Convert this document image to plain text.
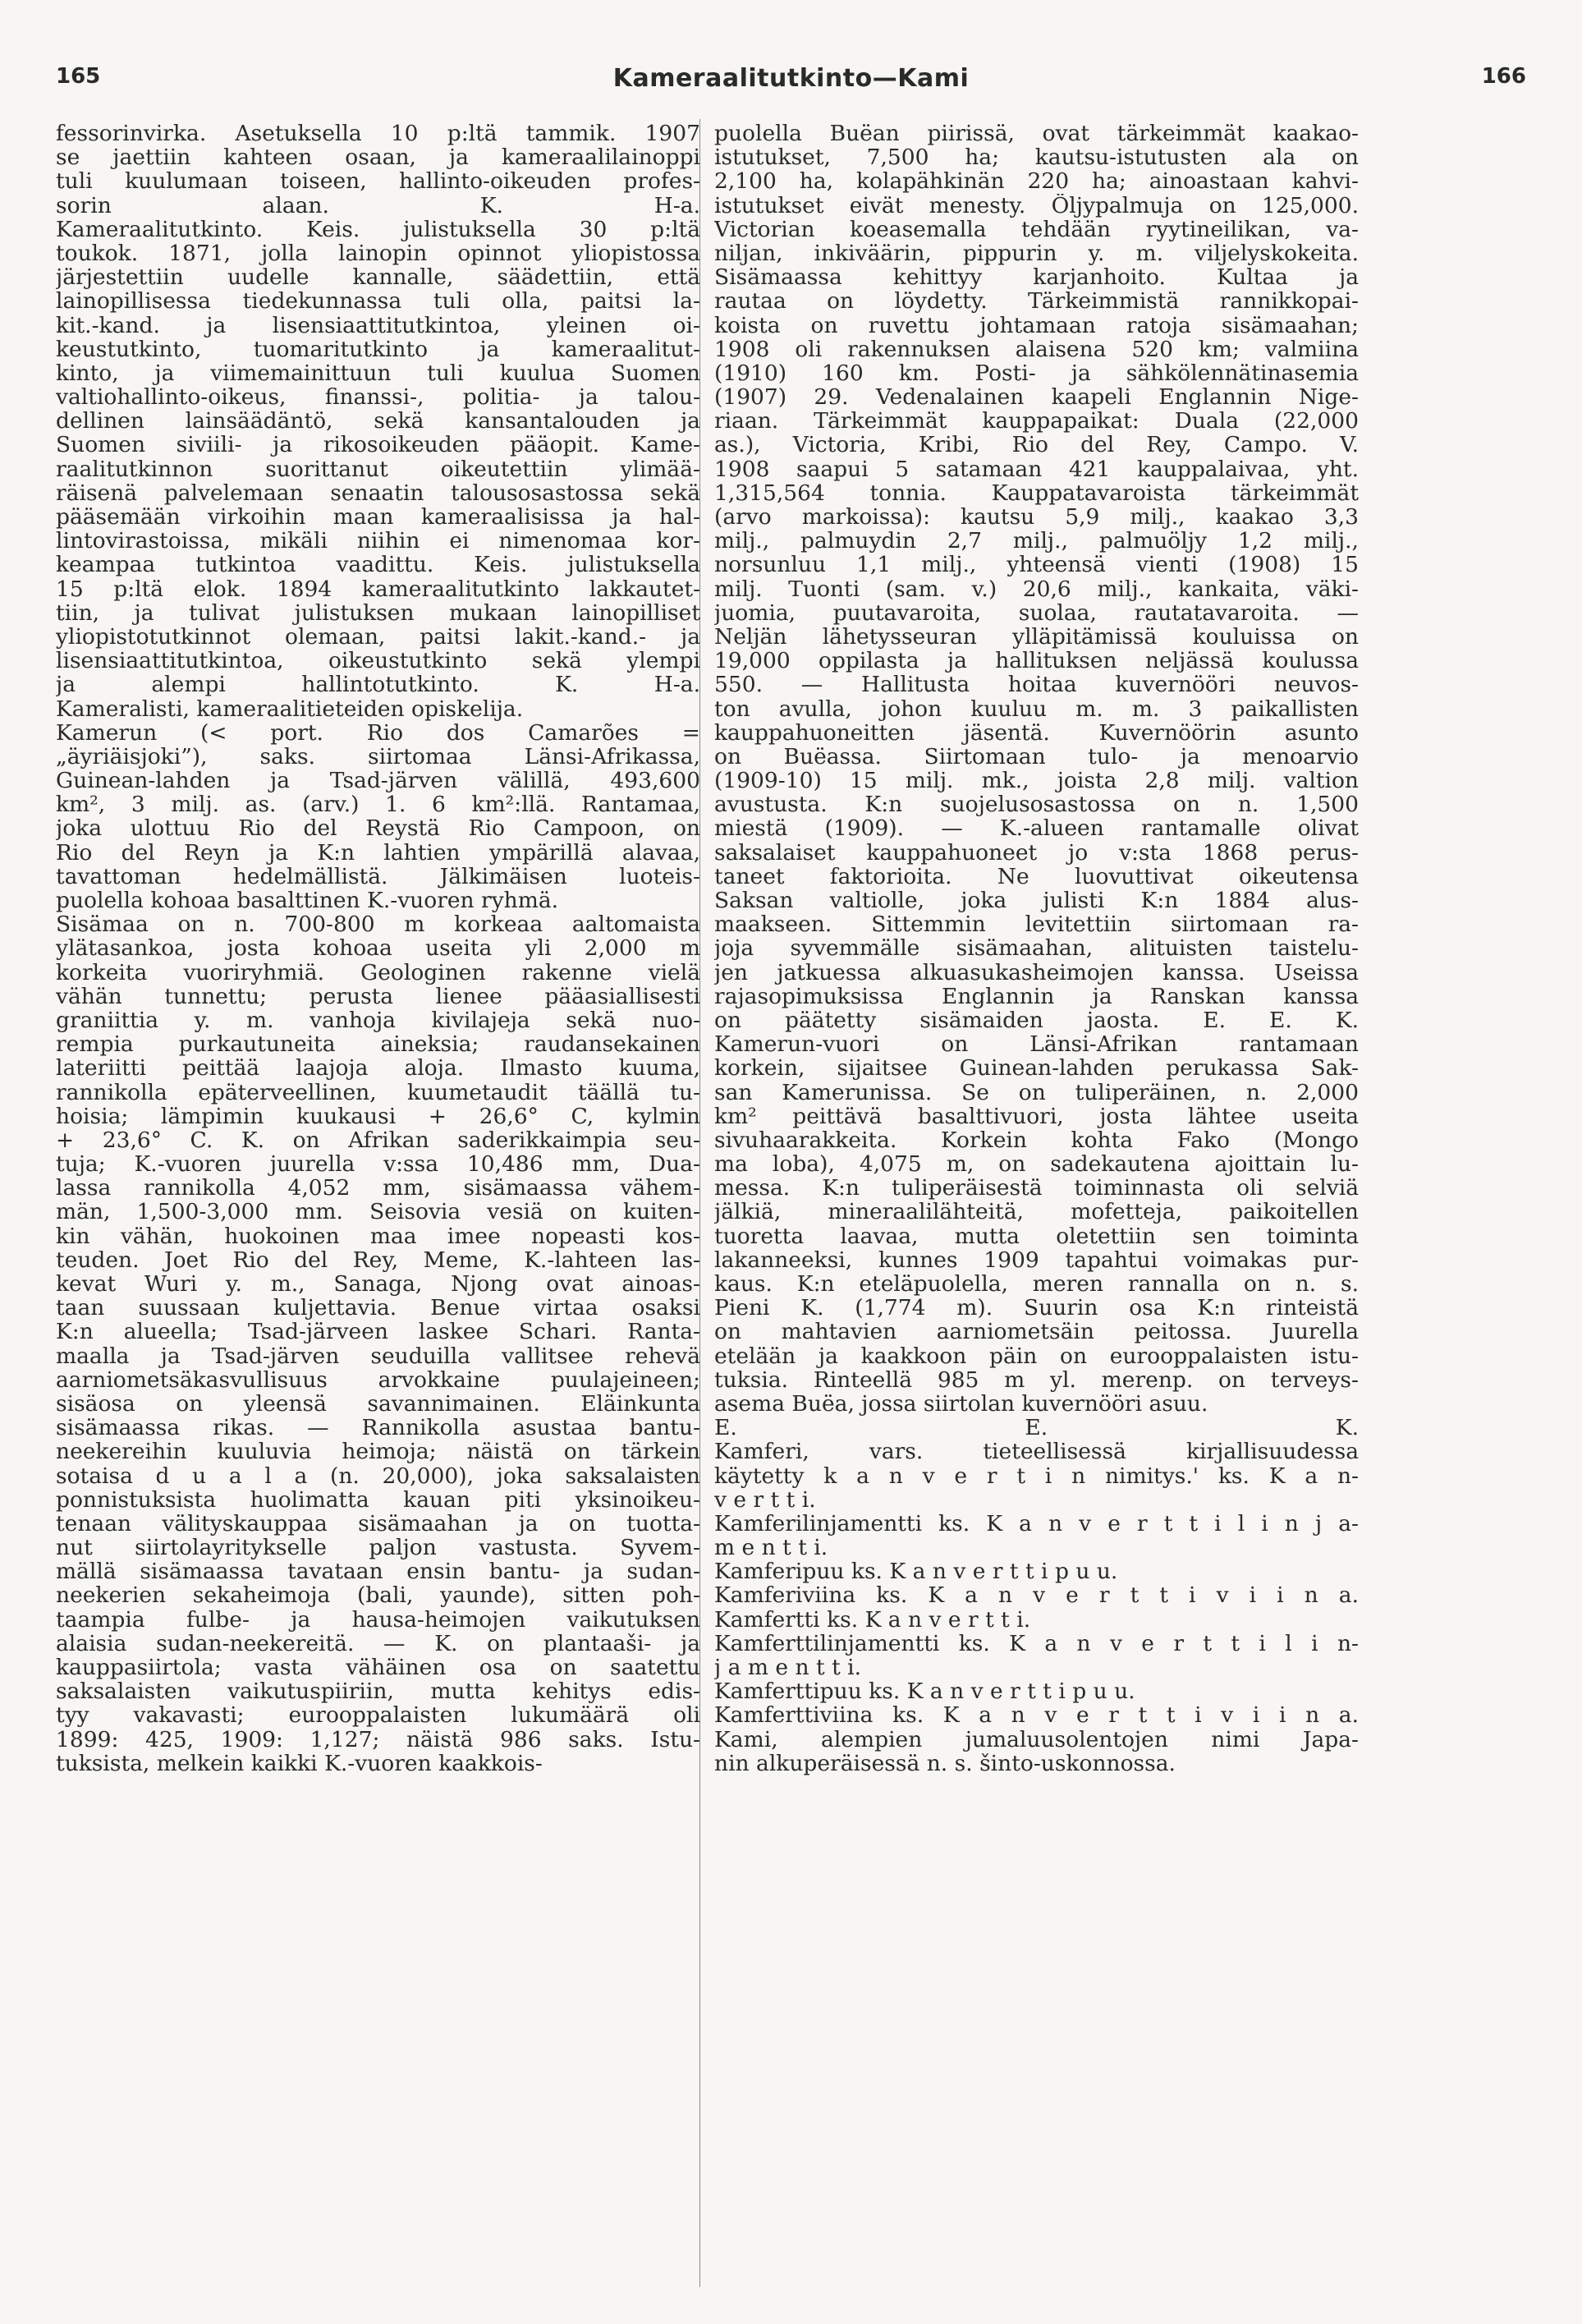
165	Kameraalitutkinto—Kami	166
fessorinvirka. Asetuksella 10 p:ltä tammik. 1907
se jaettiin kahteen osaan, ja kameraalilainoppi
tuli kuulumaan toiseen, hallinto-oikeuden profes-
sorin alaan. K. H-a.
Kameraalitutkinto. Keis. julistuksella 30 p:ltä
toukok. 1871, jolla lainopin opinnot yliopistossa
järjestettiin uudelle kannalle, säädettiin, että
lainopillisessa tiedekunnassa tuli olla, paitsi la-
kit.-kand. ja lisensiaattitutkintoa, yleinen oi-
keustutkinto, tuomaritutkinto ja kameraalitut-
kinto, ja viimemainittuun tuli kuulua Suomen
valtiohallinto-oikeus, finanssi-, politia- ja talou-
dellinen lainsäädäntö, sekä kansantalouden ja
Suomen siviili- ja rikosoikeuden pääopit. Kame-
raalitutkinnon suorittanut oikeutettiin ylimää-
räisenä palvelemaan senaatin talousosastossa sekä
pääsemään virkoihin maan kameraalisissa ja hal-
lintovirastoissa, mikäli niihin ei nimenomaa kor-
keampaa tutkintoa vaadittu. Keis. julistuksella
15 p:ltä elok. 1894 kameraalitutkinto lakkautet-
tiin, ja tulivat julistuksen mukaan lainopilliset
yliopistotutkinnot olemaan, paitsi lakit.-kand.- ja
lisensiaattitutkintoa, oikeustutkinto sekä ylempi
ja alempi hallintotutkinto. K. H-a.
Kameralisti, kameraalitieteiden opiskelija.
Kamerun (< port. Rio dos Camarões =
„äyriäisjoki”), saks. siirtomaa Länsi-Afrikassa,
Guinean-lahden ja Tsad-järven välillä, 493,600
km², 3 milj. as. (arv.) 1. 6 km²:llä. Rantamaa,
joka ulottuu Rio del Reystä Rio Campoon, on
Rio del Reyn ja K:n lahtien ympärillä alavaa,
tavattoman hedelmällistä. Jälkimäisen luoteis-
puolella kohoaa basalttinen K.-vuoren ryhmä.
Sisämaa on n. 700-800 m korkeaa aaltomaista
ylätasankoa, josta kohoaa useita yli 2,000 m
korkeita vuoriryhmiä. Geologinen rakenne vielä
vähän tunnettu; perusta lienee pääasiallisesti
graniittia y. m. vanhoja kivilajeja sekä nuo-
rempia purkautuneita aineksia; raudansekainen
lateriitti peittää laajoja aloja. Ilmasto kuuma,
rannikolla epäterveellinen, kuumetaudit täällä tu-
hoisia; lämpimin kuukausi + 26,6° C, kylmin
+ 23,6° C. K. on Afrikan saderikkaimpia seu-
tuja; K.-vuoren juurella v:ssa 10,486 mm, Dua-
lassa rannikolla 4,052 mm, sisämaassa vähem-
män, 1,500-3,000 mm. Seisovia vesiä on kuiten-
kin vähän, huokoinen maa imee nopeasti kos-
teuden. Joet Rio del Rey, Meme, K.-lahteen las-
kevat Wuri y. m., Sanaga, Njong ovat ainoas-
taan suussaan kuljettavia. Benue virtaa osaksi
K:n alueella; Tsad-järveen laskee Schari. Ranta-
maalla ja Tsad-järven seuduilla vallitsee rehevä
aarniometsäkasvullisuus arvokkaine puulajeineen;
sisäosa on yleensä savannimainen. Eläinkunta
sisämaassa rikas. — Rannikolla asustaa bantu-
neekereihin kuuluvia heimoja; näistä on tärkein
sotaisa d u a l a (n. 20,000), joka saksalaisten
ponnistuksista huolimatta kauan piti yksinoikeu-
tenaan välityskauppaa sisämaahan ja on tuotta-
nut siirtolayritykselle paljon vastusta. Syvem-
mällä sisämaassa tavataan ensin bantu- ja sudan-
neekerien sekaheimoja (bali, yaunde), sitten poh-
taampia fulbe- ja hausa-heimojen vaikutuksen
alaisia sudan-neekereitä. — K. on plantaaši- ja
kauppasiirtola; vasta vähäinen osa on saatettu
saksalaisten vaikutuspiiriin, mutta kehitys edis-
tyy vakavasti; eurooppalaisten lukumäärä oli
1899: 425, 1909: 1,127; näistä 986 saks. Istu-
tuksista, melkein kaikki K.-vuoren kaakkois-
puolella Buëan piirissä, ovat tärkeimmät kaakao-
istutukset, 7,500 ha; kautsu-istutusten ala on
2,100 ha, kolapähkinän 220 ha; ainoastaan kahvi-
istutukset eivät menesty. Öljypalmuja on 125,000.
Victorian koeasemalla tehdään ryytineilikan, va-
niljan, inkiväärin, pippurin y. m. viljelyskokeita.
Sisämaassa kehittyy karjanhoito. Kultaa ja
rautaa on löydetty. Tärkeimmistä rannikkopai-
koista on ruvettu johtamaan ratoja sisämaahan;
1908 oli rakennuksen alaisena 520 km; valmiina
(1910) 160 km. Posti- ja sähkölennätinasemia
(1907) 29. Vedenalainen kaapeli Englannin Nige-
riaan. Tärkeimmät kauppapaikat: Duala (22,000
as.), Victoria, Kribi, Rio del Rey, Campo. V.
1908 saapui 5 satamaan 421 kauppalaivaa, yht.
1,315,564 tonnia. Kauppatavaroista tärkeimmät
(arvo markoissa): kautsu 5,9 milj., kaakao 3,3
milj., palmuydin 2,7 milj., palmuöljy 1,2 milj.,
norsunluu 1,1 milj., yhteensä vienti (1908) 15
milj. Tuonti (sam. v.) 20,6 milj., kankaita, väki-
juomia, puutavaroita, suolaa, rautatavaroita. —
Neljän lähetysseuran ylläpitämissä kouluissa on
19,000 oppilasta ja hallituksen neljässä koulussa
550. — Hallitusta hoitaa kuvernööri neuvos-
ton avulla, johon kuuluu m. m. 3 paikallisten
kauppahuoneitten jäsentä. Kuvernöörin asunto
on Buëassa. Siirtomaan tulo- ja menoarvio
(1909-10) 15 milj. mk., joista 2,8 milj. valtion
avustusta. K:n suojelusosastossa on n. 1,500
miestä (1909). — K.-alueen rantamalle olivat
saksalaiset kauppahuoneet jo v:sta 1868 perus-
taneet faktorioita. Ne luovuttivat oikeutensa
Saksan valtiolle, joka julisti K:n 1884 alus-
maakseen. Sittemmin levitettiin siirtomaan ra-
joja syvemmälle sisämaahan, alituisten taistelu-
jen jatkuessa alkuasukasheimojen kanssa. Useissa
rajasopimuksissa Englannin ja Ranskan kanssa
on päätetty sisämaiden jaosta. E. E. K.
Kamerun-vuori on Länsi-Afrikan rantamaan
korkein, sijaitsee Guinean-lahden perukassa Sak-
san Kamerunissa. Se on tuliperäinen, n. 2,000
km² peittävä basalttivuori, josta lähtee useita
sivuhaarakkeita. Korkein kohta Fako (Mongo
ma loba), 4,075 m, on sadekautena ajoittain lu-
messa. K:n tuliperäisestä toiminnasta oli selviä
jälkiä, mineraalilähteitä, mofetteja, paikoitellen
tuoretta laavaa, mutta oletettiin sen toiminta
lakanneeksi, kunnes 1909 tapahtui voimakas pur-
kaus. K:n eteläpuolella, meren rannalla on n. s.
Pieni K. (1,774 m). Suurin osa K:n rinteistä
on mahtavien aarniometsäin peitossa. Juurella
etelään ja kaakkoon päin on eurooppalaisten istu-
tuksia. Rinteellä 985 m yl. merenp. on terveys-
asema Buëa, jossa siirtolan kuvernööri asuu.
E. E. K.
Kamferi, vars. tieteellisessä kirjallisuudessa
käytetty k a n v e r t i n nimitys.' ks. K a n-
v e r t t i.
Kamferilinjamentti ks. K a n v e r t t i l i n j a-
m e n t t i.
Kamferipuu ks. K a n v e r t t i p u u.
Kamferiviina ks. K a n v e r t t i v i i n a.
Kamfertti ks. K a n v e r t t i.
Kamferttilinjamentti ks. K a n v e r t t i l i n-
j a m e n t t i.
Kamferttipuu ks. K a n v e r t t i p u u.
Kamferttiviina ks. K a n v e r t t i v i i n a.
Kami, alempien jumaluusolentojen nimi Japa-
nin alkuperäisessä n. s. šinto-uskonnossa.
